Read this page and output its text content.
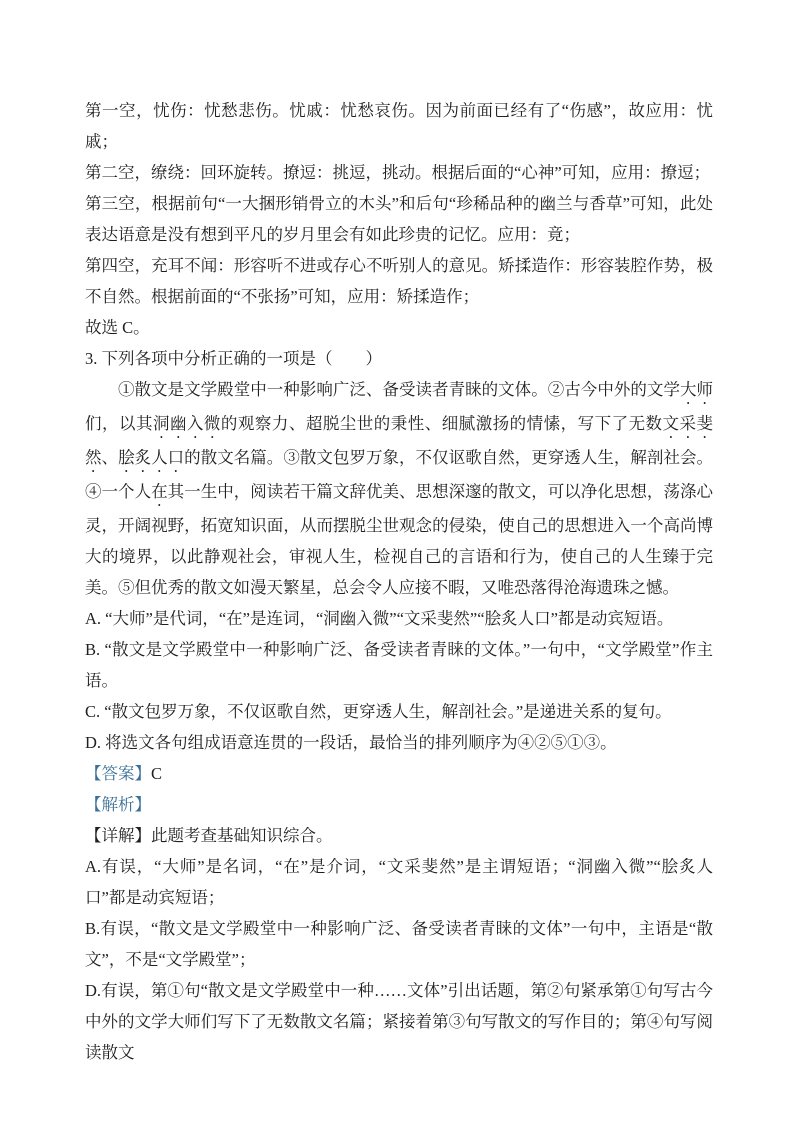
第一空，忧伤：忧愁悲伤。忧戚：忧愁哀伤。因为前面已经有了“伤感”，故应用：忧戚；

第二空，缭绕：回环旋转。撩逗：挑逗，挑动。根据后面的“心神”可知，应用：撩逗；

第三空，根据前句“一大捆形销骨立的木头”和后句“珍稀品种的幽兰与香草”可知，此处表达语意是没有想到平凡的岁月里会有如此珍贵的记忆。应用：竟；

第四空，充耳不闻：形容听不进或存心不听别人的意见。矫揉造作：形容装腔作势，极不自然。根据前面的“不张扬”可知，应用：矫揉造作；

故选 C。

3. 下列各项中分析正确的一项是（　　）

①散文是文学殿堂中一种影响广泛、备受读者青睐的文体。②古今中外的文学大师们，以其洞幽入微的观察力、超脱尘世的秉性、细腻激扬的情愫，写下了无数文采斐然、脍炙人口的散文名篇。③散文包罗万象，不仅讴歌自然，更穿透人生，解剖社会。④一个人在其一生中，阅读若干篇文辞优美、思想深邃的散文，可以净化思想，荡涤心灵，开阔视野，拓宽知识面，从而摆脱尘世观念的侵染，使自己的思想进入一个高尚博大的境界，以此静观社会，审视人生，检视自己的言语和行为，使自己的人生臻于完美。⑤但优秀的散文如漫天繁星，总会令人应接不暇，又唯恐落得沧海遗珠之憾。

A. “大师”是代词，“在”是连词，“洞幽入微”“文采斐然”“脍炙人口”都是动宾短语。

B. “散文是文学殿堂中一种影响广泛、备受读者青睐的文体。”一句中，“文学殿堂”作主语。

C. “散文包罗万象，不仅讴歌自然，更穿透人生，解剖社会。”是递进关系的复句。

D. 将选文各句组成语意连贯的一段话，最恰当的排列顺序为④②⑤①③。

【答案】C

【解析】

【详解】此题考查基础知识综合。

A.有误，“大师”是名词，“在”是介词，“文采斐然”是主谓短语；“洞幽入微”“脍炙人口”都是动宾短语；

B.有误，“散文是文学殿堂中一种影响广泛、备受读者青睐的文体”一句中，主语是“散文”，不是“文学殿堂”；

D.有误，第①句“散文是文学殿堂中一种……文体”引出话题，第②句紧承第①句写古今中外的文学大师们写下了无数散文名篇；紧接着第③句写散文的写作目的；第④句写阅读散文
